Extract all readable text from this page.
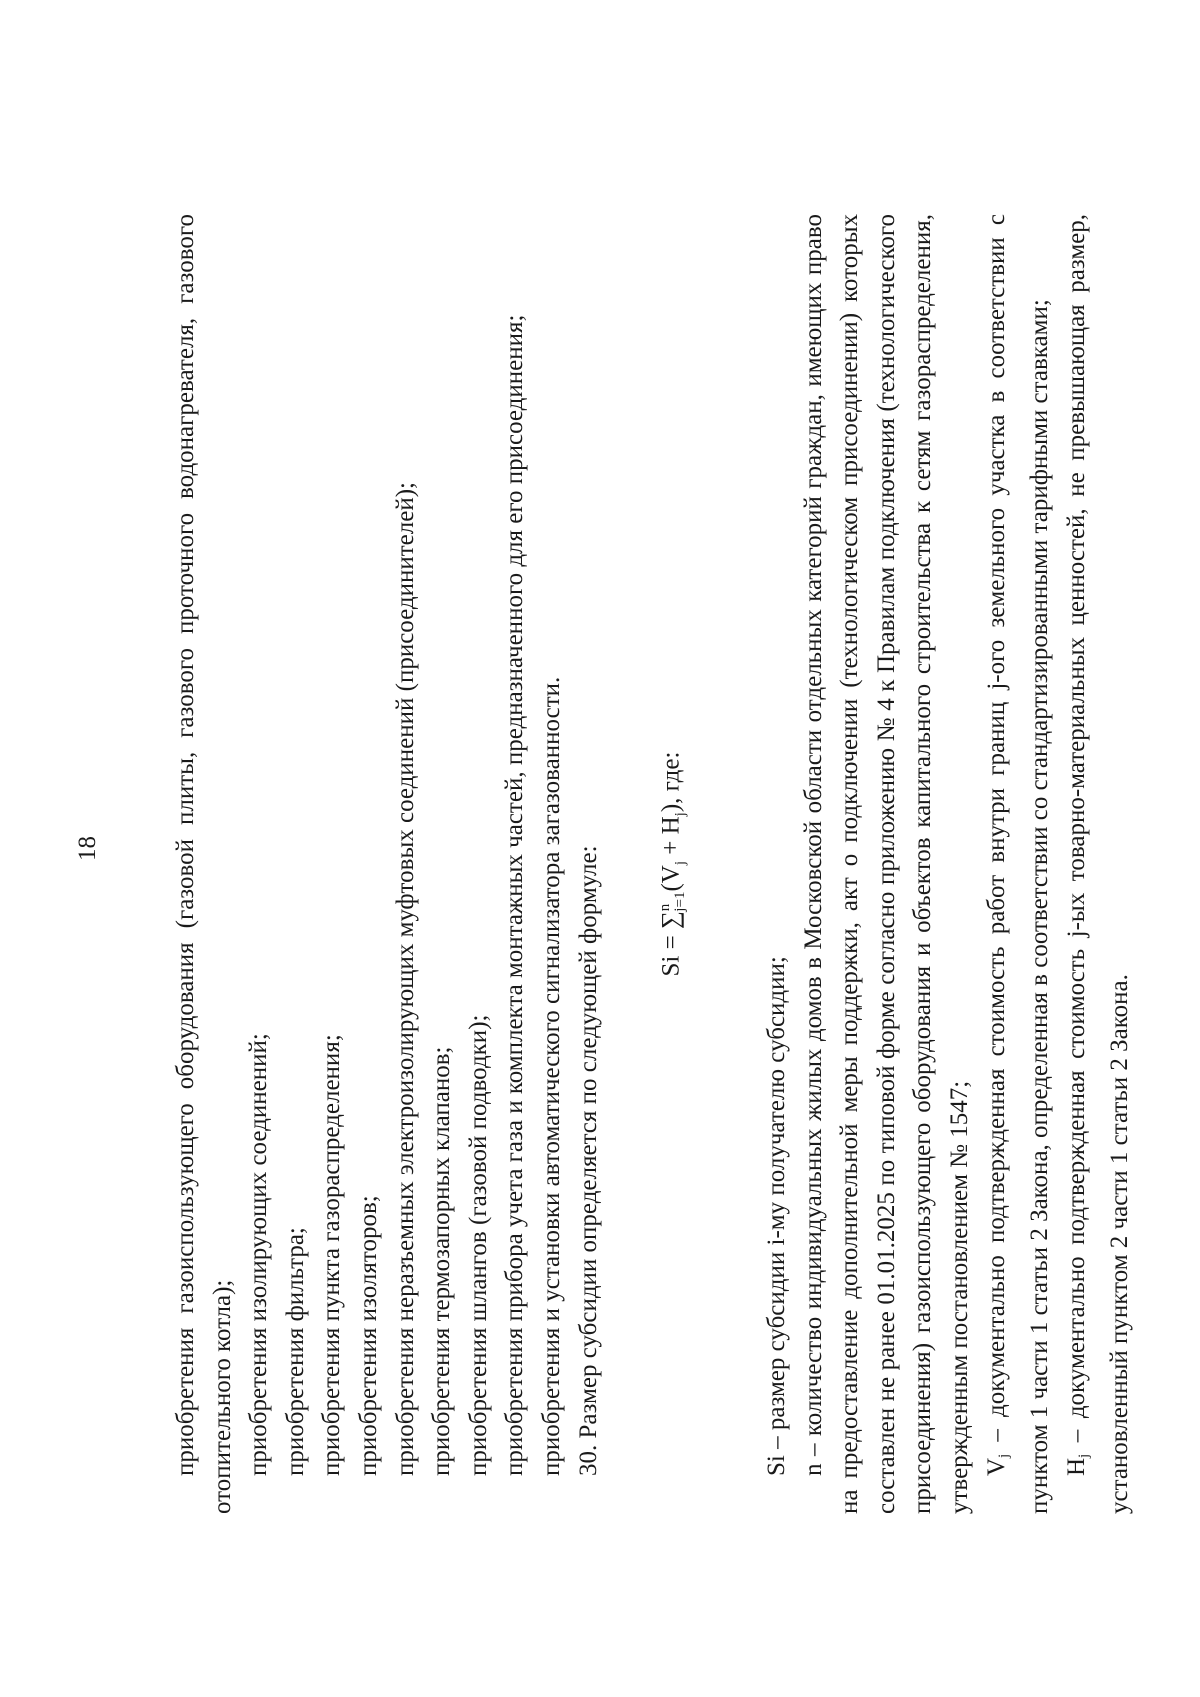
18	приобретения газоиспользующего оборудования (газовой плиты, газового проточного водонагревателя, газового отопительного котла); приобретения изолирующих соединений; приобретения фильтра; приобретения пункта газораспределения; приобретения изоляторов; приобретения неразъемных электроизолирующих муфтовых соединений (присоединителей); приобретения термозапорных клапанов; приобретения шлангов (газовой подводки); приобретения прибора учета газа и комплекта монтажных частей, предназначенного для его присоединения; приобретения и установки автоматического сигнализатора загазованности. 30. Размер субсидии определяется по следующей формуле:	$Si = \sum^n_{j=1}(V_j + H_j)$, где:

Si – размер субсидии i-му получателю субсидии; n – количество индивидуальных жилых домов в Московской области отдельных категорий граждан, имеющих право на предоставление дополнительной меры поддержки, акт о подключении (технологическом присоединении) которых составлен не ранее 01.01.2025 по типовой форме согласно приложению № 4 к Правилам подключения (технологического присоединения) газоиспользующего оборудования и объектов капитального строительства к сетям газораспределения, утвержденным постановлением № 1547; Vj – документально подтвержденная стоимость работ внутри границ j-ого земельного участка в соответствии с пунктом 1 части 1 статьи 2 Закона, определенная в соответствии со стандартизированными тарифными ставками; Hj – документально подтвержденная стоимость j-ых товарно-материальных ценностей, не превышающая размер, установленный пунктом 2 части 1 статьи 2 Закона.
